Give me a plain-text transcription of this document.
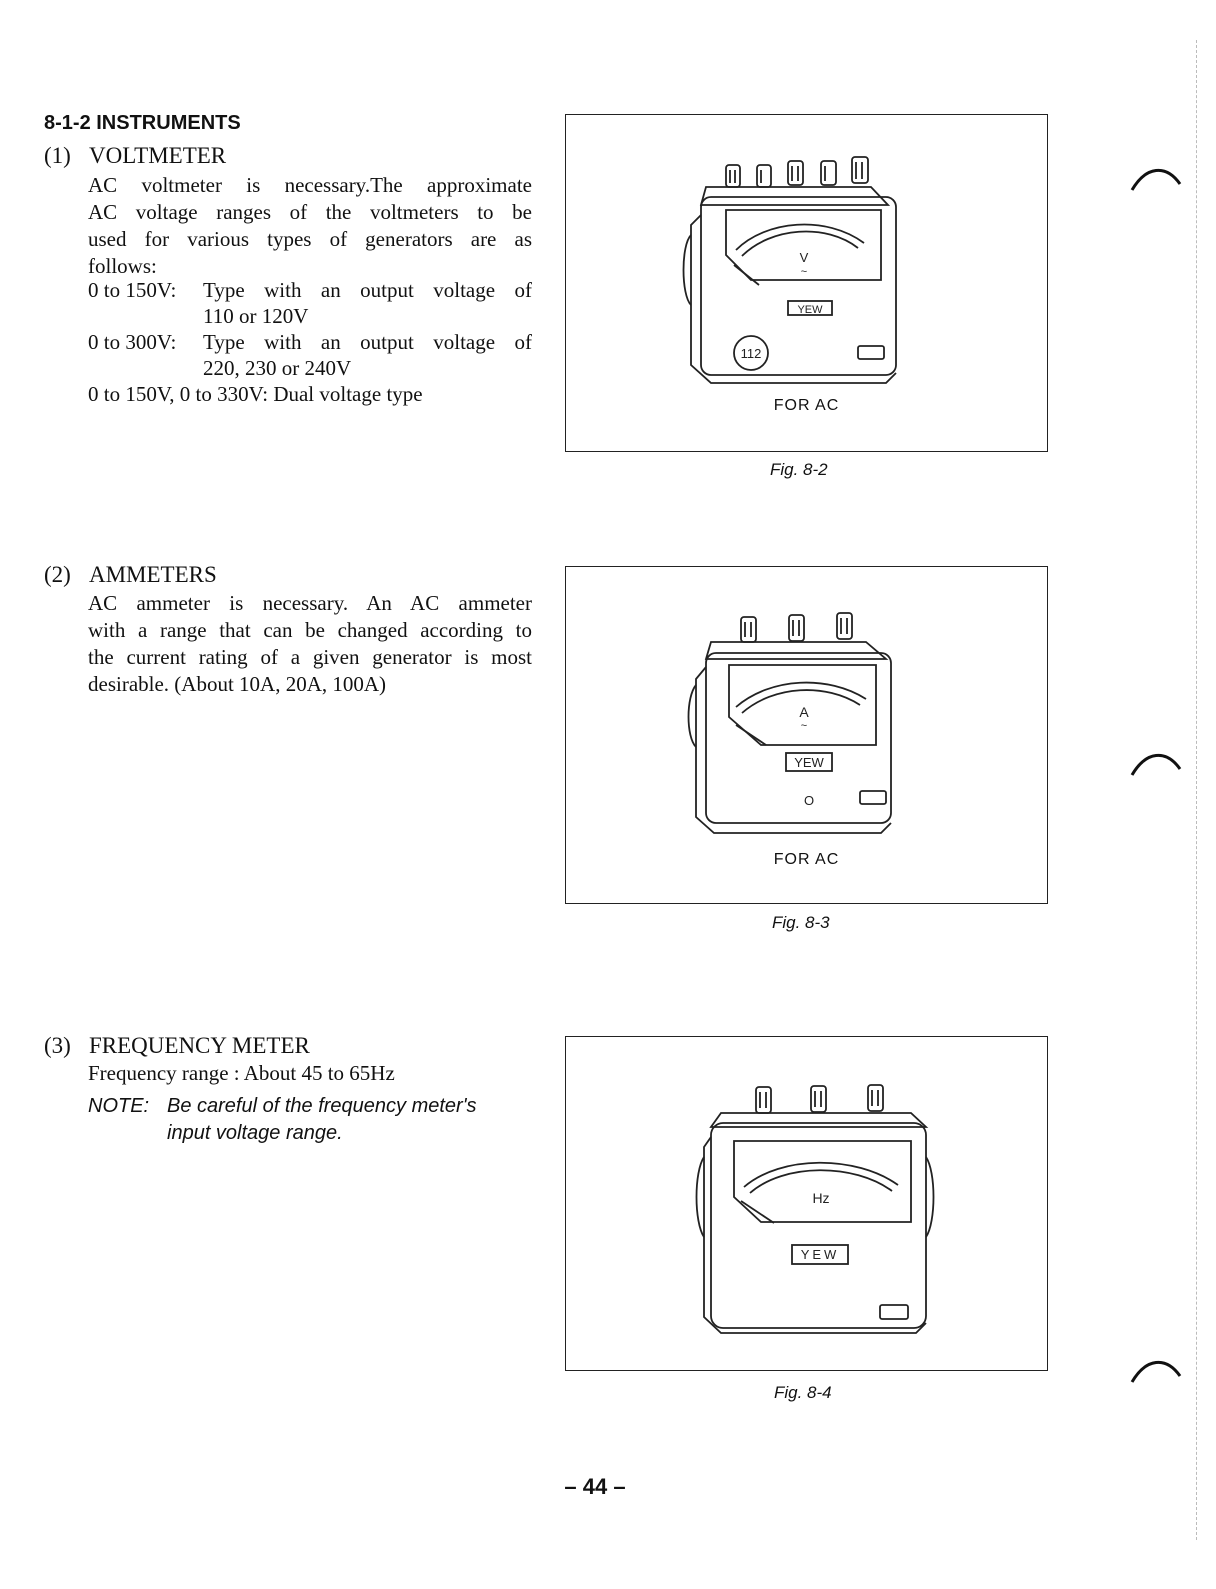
8-1-2 INSTRUMENTS
(1) VOLTMETER
AC voltmeter is necessary.The approximate
AC voltage ranges of the voltmeters to be
used for various types of generators are as
follows:
0 to 150V: Type with an output voltage of
110 or 120V
0 to 300V: Type with an output voltage of
220, 230 or 240V
0 to 150V, 0 to 330V: Dual voltage type
(2) AMMETERS
AC ammeter is necessary. An AC ammeter
with a range that can be changed according to
the current rating of a given generator is most
desirable. (About 10A, 20A, 100A)
(3) FREQUENCY METER
Frequency range : About 45 to 65Hz
NOTE: Be careful of the frequency meter's
input voltage range.
V
~
YEW
112
FOR AC
Fig. 8-2
A
~
YEW
O
FOR AC
Fig. 8-3
Hz
YEW
Fig. 8-4
– 44 –
